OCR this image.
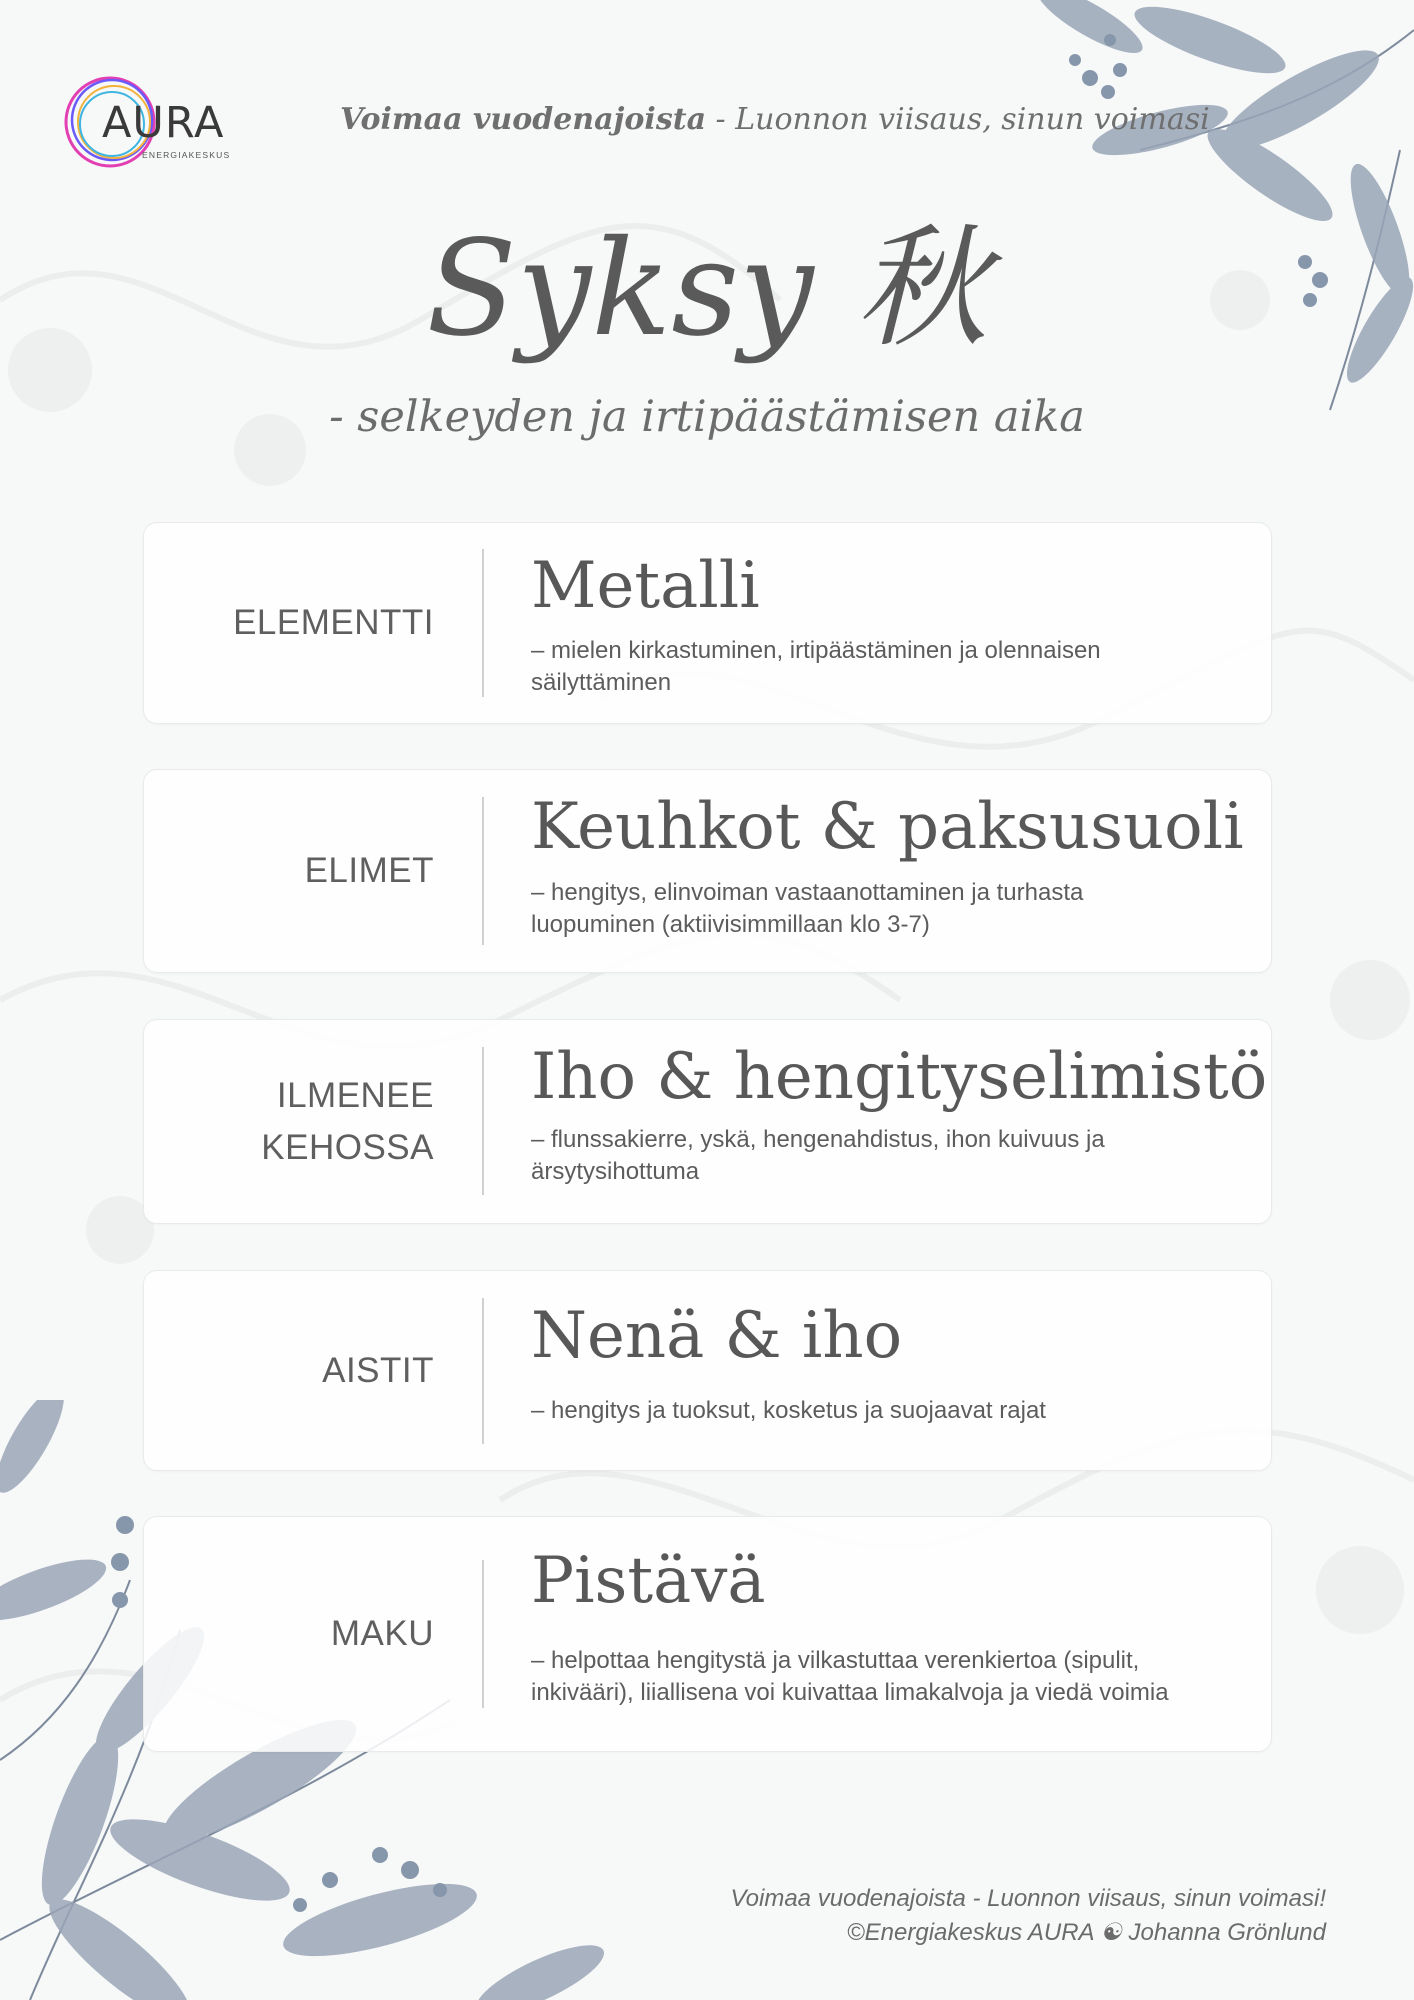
AURA
ENERGIAKESKUS
Voimaa vuodenajoista - Luonnon viisaus, sinun voimasi
Syksy 秋
- selkeyden ja irtipäästämisen aika
ELEMENTTI Metalli
– mielen kirkastuminen, irtipäästäminen ja olennaisen säilyttäminen
ELIMET
Keuhkot & paksusuoli
– hengitys, elinvoiman vastaanottaminen ja turhasta luopuminen (aktiivisimmillaan klo 3-7)
ILMENEE KEHOSSA
Iho & hengityselimistö
– flunssakierre, yskä, hengenahdistus, ihon kuivuus ja ärsytysihottuma
AISTIT Nenä & iho
– hengitys ja tuoksut, kosketus ja suojaavat rajat
MAKU
Pistävä
– helpottaa hengitystä ja vilkastuttaa verenkiertoa (sipulit, inkivääri), liiallisena voi kuivattaa limakalvoja ja viedä voimia
Voimaa vuodenajoista - Luonnon viisaus, sinun voimasi!
©Energiakeskus AURA ☯ Johanna Grönlund
